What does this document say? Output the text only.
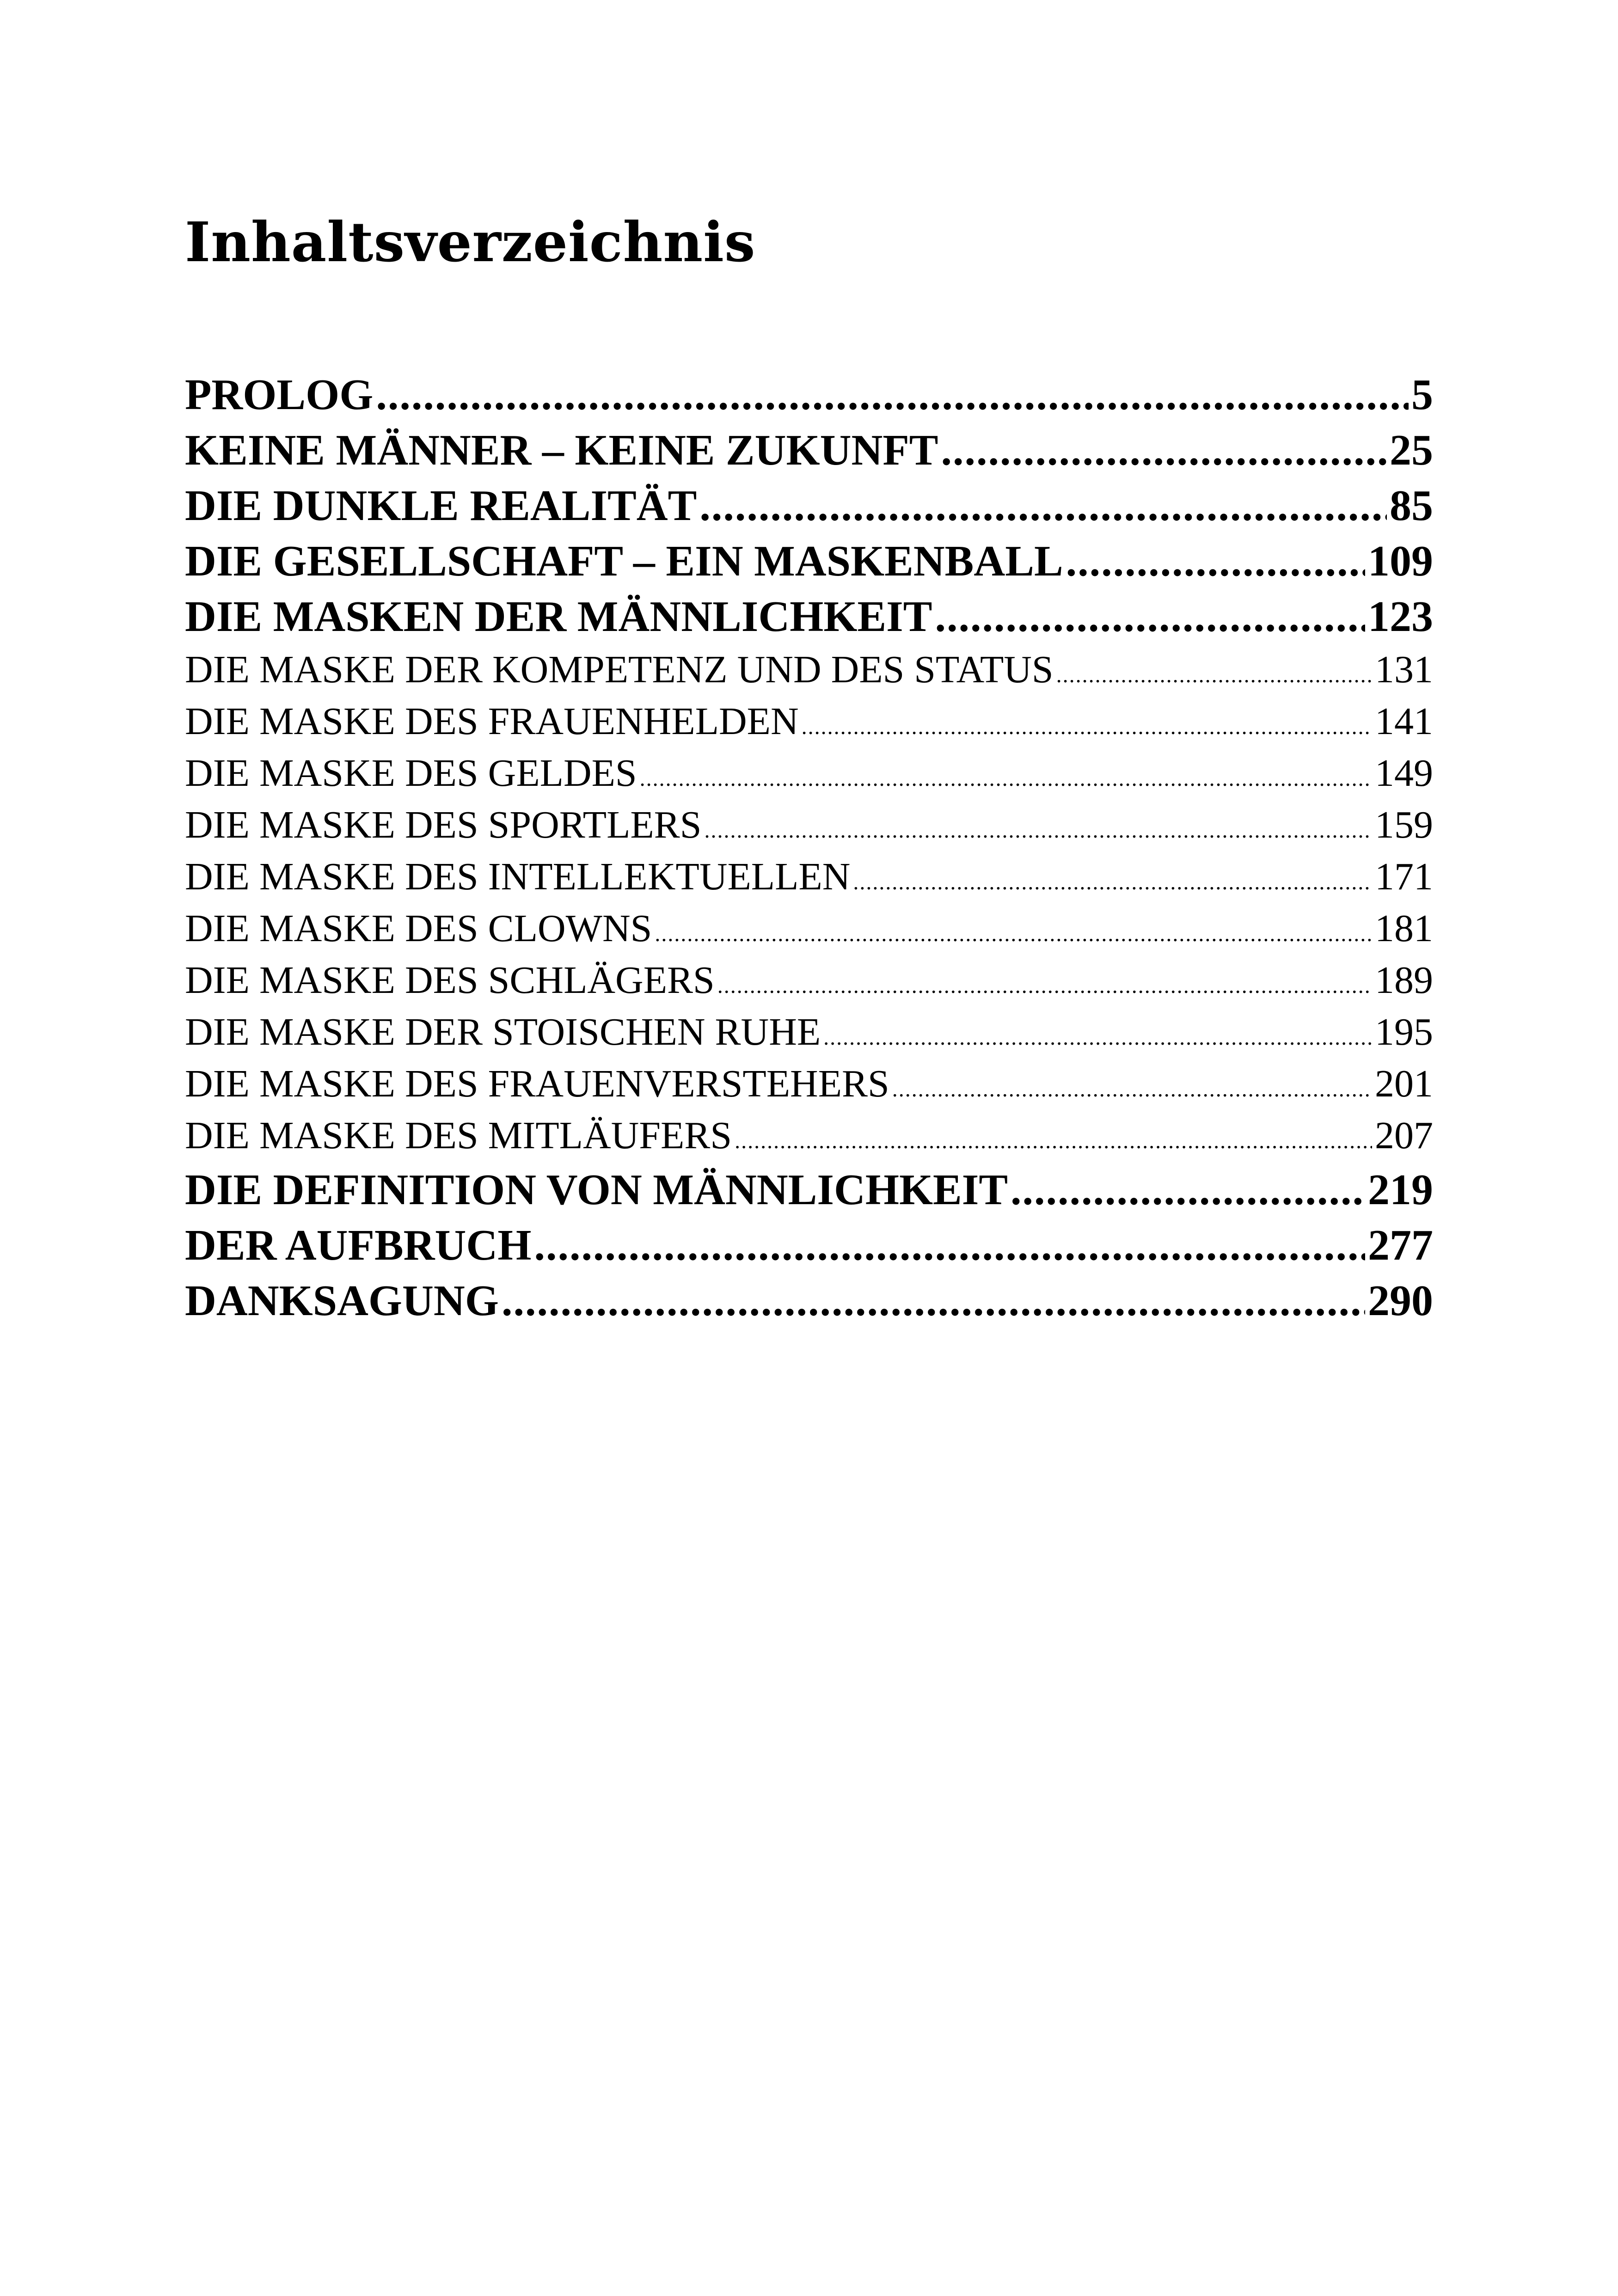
Inhaltsverzeichnis
PROLOG .....	5
KEINE MÄNNER – KEINE ZUKUNFT .....	25
DIE DUNKLE REALITÄT .....	85
DIE GESELLSCHAFT – EIN MASKENBALL .....	109
DIE MASKEN DER MÄNNLICHKEIT .....	123
DIE MASKE DER KOMPETENZ UND DES STATUS .....	131
DIE MASKE DES FRAUENHELDEN .....	141
DIE MASKE DES GELDES .....	149
DIE MASKE DES SPORTLERS .....	159
DIE MASKE DES INTELLEKTUELLEN .....	171
DIE MASKE DES CLOWNS .....	181
DIE MASKE DES SCHLÄGERS .....	189
DIE MASKE DER STOISCHEN RUHE .....	195
DIE MASKE DES FRAUENVERSTEHERS .....	201
DIE MASKE DES MITLÄUFERS .....	207
DIE DEFINITION VON MÄNNLICHKEIT .....	219
DER AUFBRUCH .....	277
DANKSAGUNG .....	290
